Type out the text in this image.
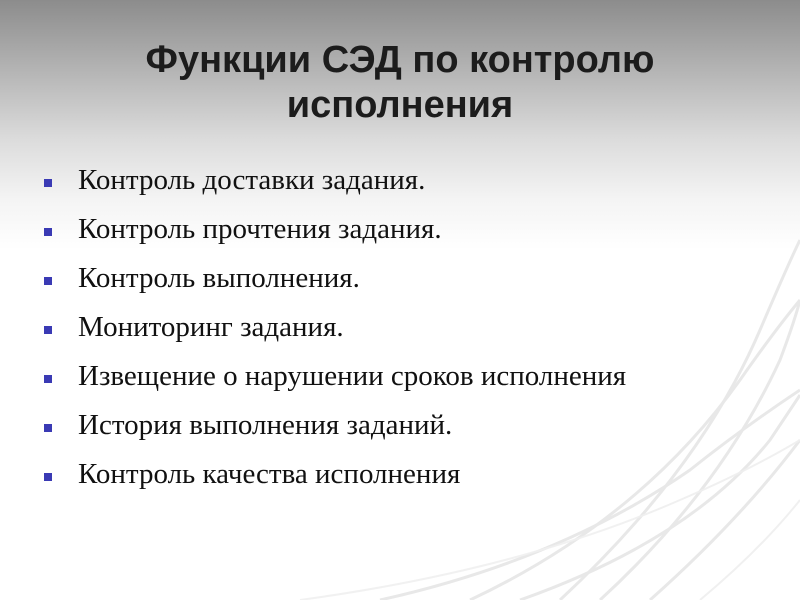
Функции СЭД по контролю
исполнения
Контроль доставки задания.
Контроль прочтения задания.
Контроль выполнения.
Мониторинг задания.
Извещение о нарушении сроков исполнения
История выполнения заданий.
Контроль качества исполнения
